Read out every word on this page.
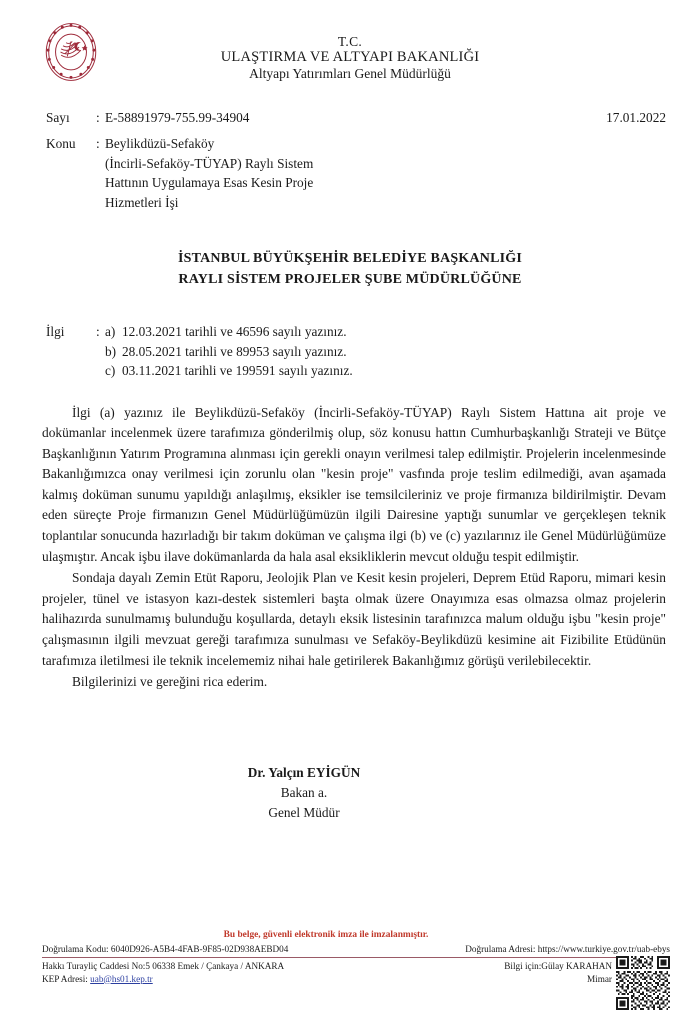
T.C.
ULAŞTIRMA VE ALTYAPI BAKANLIĞI
Altyapı Yatırımları Genel Müdürlüğü
17.01.2022
Sayı	: E-58891979-755.99-34904
Konu	: Beylikdüzü-Sefaköy
(İncirli-Sefaköy-TÜYAP) Raylı Sistem
Hattının Uygulamaya Esas Kesin Proje
Hizmetleri İşi
İSTANBUL BÜYÜKŞEHİR BELEDİYE BAŞKANLIĞI
RAYLI SİSTEM PROJELER ŞUBE MÜDÜRLÜĞÜNE
İlgi	: a) 12.03.2021 tarihli ve 46596 sayılı yazınız.
b) 28.05.2021 tarihli ve 89953 sayılı yazınız.
c) 03.11.2021 tarihli ve 199591 sayılı yazınız.

İlgi (a) yazınız ile Beylikdüzü-Sefaköy (İncirli-Sefaköy-TÜYAP) Raylı Sistem Hattına ait proje ve dokümanlar incelenmek üzere tarafımıza gönderilmiş olup, söz konusu hattın Cumhurbaşkanlığı Strateji ve Bütçe Başkanlığının Yatırım Programına alınması için gerekli onayın verilmesi talep edilmiştir. Projelerin incelenmesinde Bakanlığımızca onay verilmesi için zorunlu olan "kesin proje" vasfında proje teslim edilmediği, avan aşamada kalmış doküman sunumu yapıldığı anlaşılmış, eksikler ise temsilcileriniz ve proje firmanıza bildirilmiştir. Devam eden süreçte Proje firmanızın Genel Müdürlüğümüzün ilgili Dairesine yaptığı sunumlar ve gerçekleşen teknik toplantılar sonucunda hazırladığı bir takım doküman ve çalışma ilgi (b) ve (c) yazılarınız ile Genel Müdürlüğümüze ulaşmıştır. Ancak işbu ilave dokümanlarda da hala asal eksikliklerin mevcut olduğu tespit edilmiştir.

Sondaja dayalı Zemin Etüt Raporu, Jeolojik Plan ve Kesit kesin projeleri, Deprem Etüd Raporu, mimari kesin projeler, tünel ve istasyon kazı-destek sistemleri başta olmak üzere Onayımıza esas olmazsa olmaz projelerin halihazırda sunulmamış bulunduğu koşullarda, detaylı eksik listesinin tarafınızca malum olduğu işbu "kesin proje" çalışmasının ilgili mevzuat gereği tarafımıza sunulması ve Sefaköy-Beylikdüzü kesimine ait Fizibilite Etüdünün tarafımıza iletilmesi ile teknik incelememiz nihai hale getirilerek Bakanlığımız görüşü verilebilecektir.

Bilgilerinizi ve gereğini rica ederim.

Dr. Yalçın EYİGÜN
Bakan a.
Genel Müdür
Bu belge, güvenli elektronik imza ile imzalanmıştır.
Doğrulama Kodu: 6040D926-A5B4-4FAB-9F85-02D938AEBD04	Doğrulama Adresi: https://www.turkiye.gov.tr/uab-ebys
Hakkı Turayliç Caddesi No:5 06338 Emek / Çankaya / ANKARA
KEP Adresi: uab@hs01.kep.tr
Bilgi için:Gülay KARAHAN
Mimar
